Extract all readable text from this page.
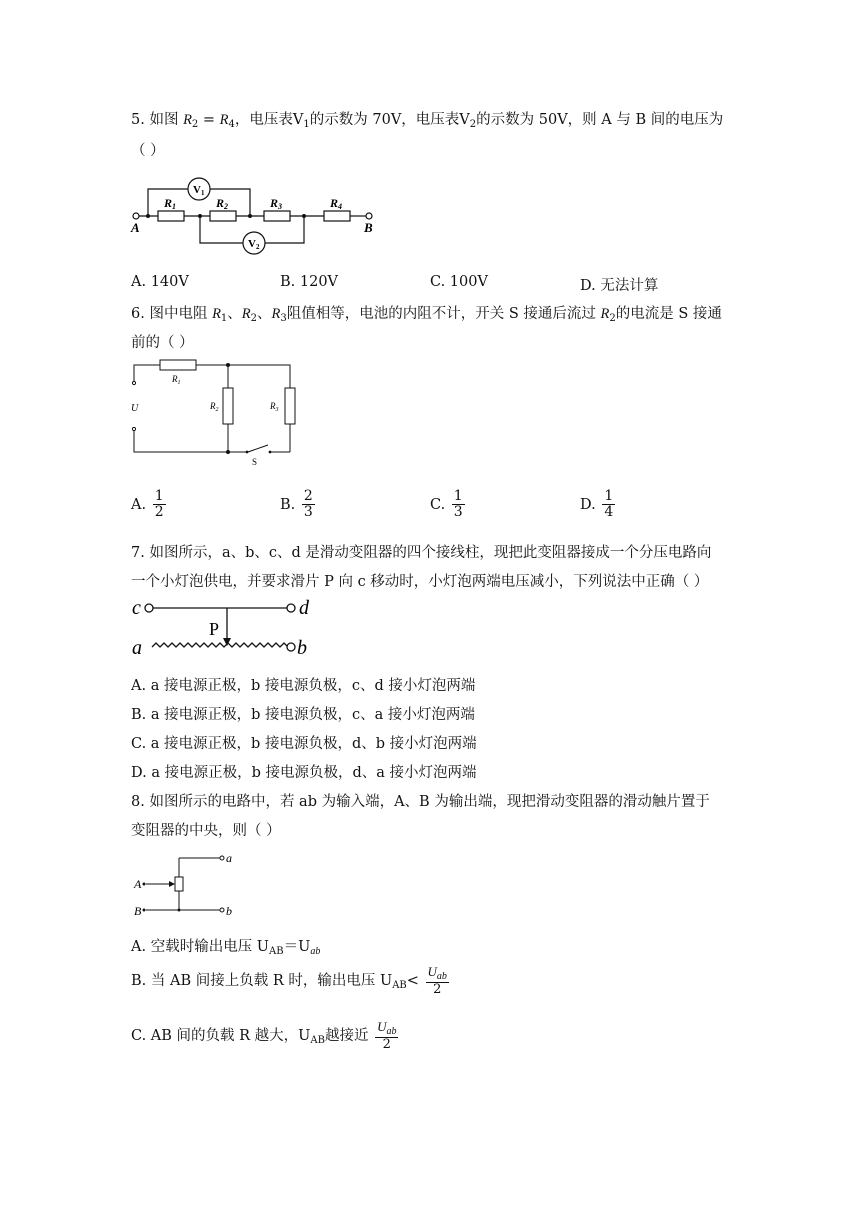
5. 如图 $R_2 = R_4$，电压表$V_1$的示数为 70V，电压表$V_2$的示数为 50V，则 A 与 B 间的电压为
（ ）
A	B
R1	R2	R3	R4
V1
V2
A. 140V	B. 120V	C. 100V	D. 无法计算
6. 图中电阻 $R_1$、$R_2$、$R_3$阻值相等，电池的内阻不计，开关 S 接通后流过 $R_2$的电流是 S 接通
前的（ ）
$R_1$
$R_2$	$R_3$
U
S
A. $\frac{1}{2}$	B. $\frac{2}{3}$	C. $\frac{1}{3}$	D. $\frac{1}{4}$
7. 如图所示，a、b、c、d 是滑动变阻器的四个接线柱，现把此变阻器接成一个分压电路向
一个小灯泡供电，并要求滑片 P 向 c 移动时，小灯泡两端电压减小，下列说法中正确（ ）
c	d
a	b
P
A. a 接电源正极，b 接电源负极，c、d 接小灯泡两端
B. a 接电源正极，b 接电源负极，c、a 接小灯泡两端
C. a 接电源正极，b 接电源负极，d、b 接小灯泡两端
D. a 接电源正极，b 接电源负极，d、a 接小灯泡两端
8. 如图所示的电路中，若 ab 为输入端，A、B 为输出端，现把滑动变阻器的滑动触片置于
变阻器的中央，则（ ）
a
b
A
B
A. 空载时输出电压 $U_{AB}=U_{ab}$
B. 当 AB 间接上负载 R 时，输出电压 $U_{AB}< \frac{U_{ab}}{2}$
C. AB 间的负载 R 越大，$U_{AB}$越接近 $\frac{U_{ab}}{2}$
